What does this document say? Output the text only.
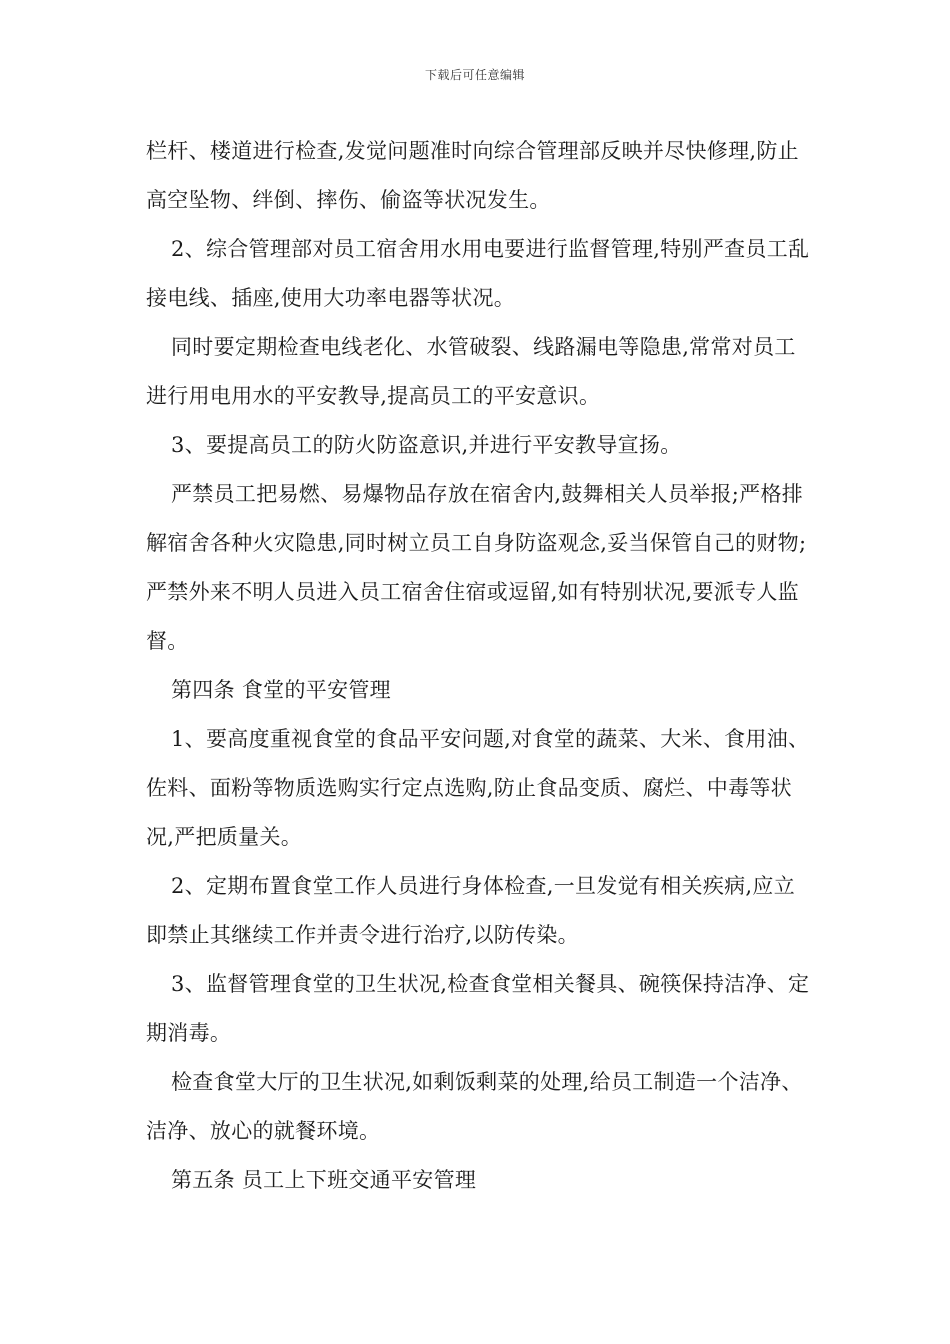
下载后可任意编辑

栏杆、楼道进行检查,发觉问题准时向综合管理部反映并尽快修理,防止高空坠物、绊倒、摔伤、偷盗等状况发生。

2、综合管理部对员工宿舍用水用电要进行监督管理,特别严查员工乱接电线、插座,使用大功率电器等状况。

同时要定期检查电线老化、水管破裂、线路漏电等隐患,常常对员工进行用电用水的平安教导,提高员工的平安意识。

3、要提高员工的防火防盗意识,并进行平安教导宣扬。

严禁员工把易燃、易爆物品存放在宿舍内,鼓舞相关人员举报;严格排解宿舍各种火灾隐患,同时树立员工自身防盗观念,妥当保管自己的财物;严禁外来不明人员进入员工宿舍住宿或逗留,如有特别状况,要派专人监督。

第四条 食堂的平安管理

1、要高度重视食堂的食品平安问题,对食堂的蔬菜、大米、食用油、佐料、面粉等物质选购实行定点选购,防止食品变质、腐烂、中毒等状况,严把质量关。

2、定期布置食堂工作人员进行身体检查,一旦发觉有相关疾病,应立即禁止其继续工作并责令进行治疗,以防传染。

3、监督管理食堂的卫生状况,检查食堂相关餐具、碗筷保持洁净、定期消毒。

检查食堂大厅的卫生状况,如剩饭剩菜的处理,给员工制造一个洁净、洁净、放心的就餐环境。

第五条 员工上下班交通平安管理
